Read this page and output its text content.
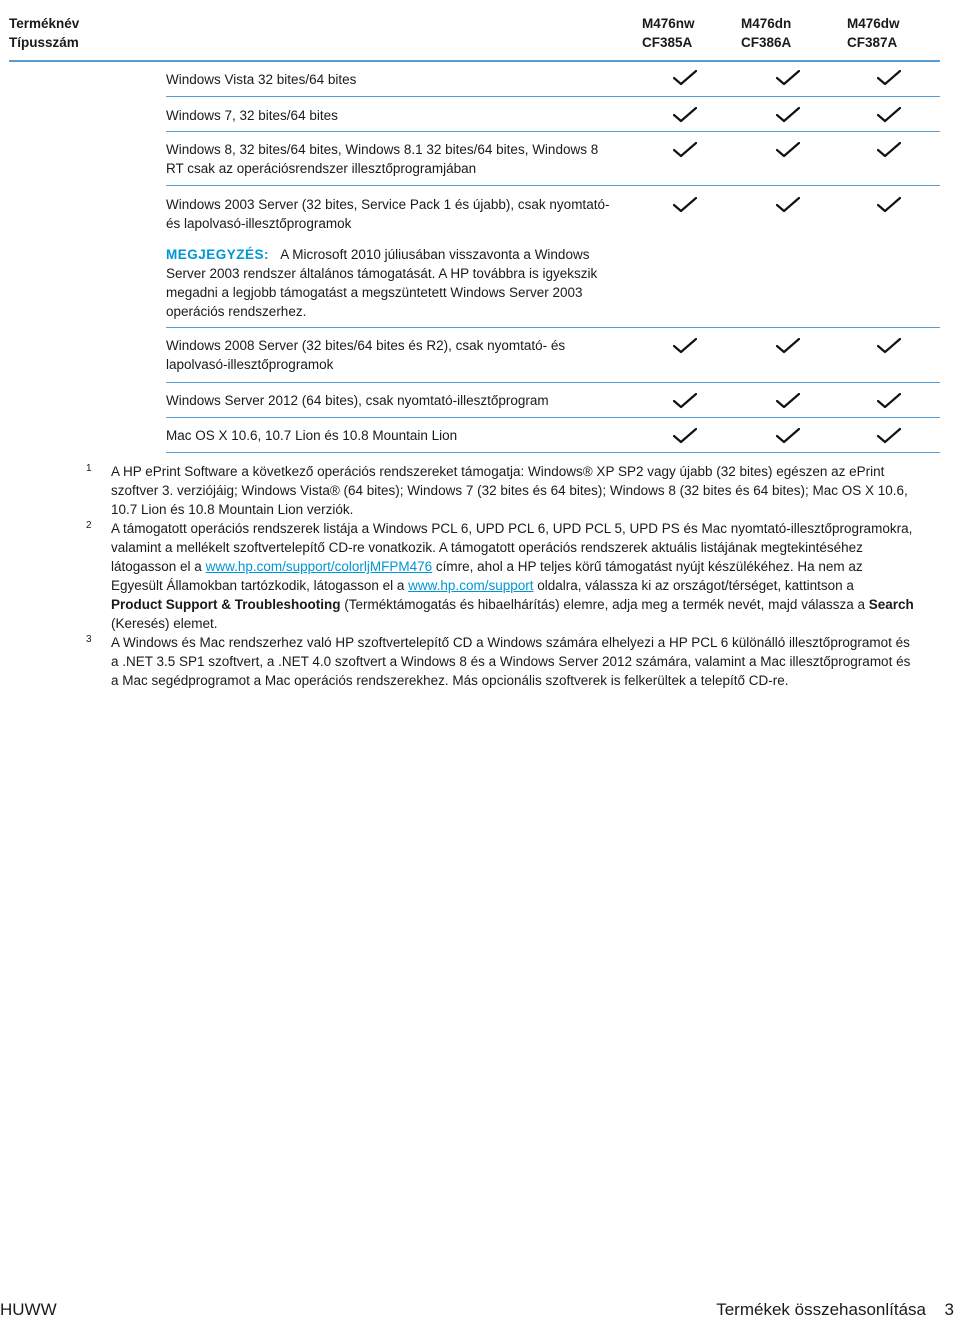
Terméknév
Típusszám
M476nw
CF385A
M476dn
CF386A
M476dw
CF387A
Windows Vista 32 bites/64 bites
Windows 7, 32 bites/64 bites
Windows 8, 32 bites/64 bites, Windows 8.1 32 bites/64 bites, Windows 8
RT csak az operációsrendszer illesztőprogramjában
Windows 2003 Server (32 bites, Service Pack 1 és újabb), csak nyomtató-
és lapolvasó-illesztőprogramok
MEGJEGYZÉS: A Microsoft 2010 júliusában visszavonta a Windows
Server 2003 rendszer általános támogatását. A HP továbbra is igyekszik
megadni a legjobb támogatást a megszüntetett Windows Server 2003
operációs rendszerhez.
Windows 2008 Server (32 bites/64 bites és R2), csak nyomtató- és
lapolvasó-illesztőprogramok
Windows Server 2012 (64 bites), csak nyomtató-illesztőprogram
Mac OS X 10.6, 10.7 Lion és 10.8 Mountain Lion
1 A HP ePrint Software a következő operációs rendszereket támogatja: Windows® XP SP2 vagy újabb (32 bites) egészen az ePrint
szoftver 3. verziójáig; Windows Vista® (64 bites); Windows 7 (32 bites és 64 bites); Windows 8 (32 bites és 64 bites); Mac OS X 10.6,
10.7 Lion és 10.8 Mountain Lion verziók.
2 A támogatott operációs rendszerek listája a Windows PCL 6, UPD PCL 6, UPD PCL 5, UPD PS és Mac nyomtató-illesztőprogramokra,
valamint a mellékelt szoftvertelepítő CD-re vonatkozik. A támogatott operációs rendszerek aktuális listájának megtekintéséhez
látogasson el a www.hp.com/support/colorljMFPM476 címre, ahol a HP teljes körű támogatást nyújt készülékéhez. Ha nem az
Egyesült Államokban tartózkodik, látogasson el a www.hp.com/support oldalra, válassza ki az országot/térséget, kattintson a
Product Support & Troubleshooting (Terméktámogatás és hibaelhárítás) elemre, adja meg a termék nevét, majd válassza a Search
(Keresés) elemet.
3 A Windows és Mac rendszerhez való HP szoftvertelepítő CD a Windows számára elhelyezi a HP PCL 6 különálló illesztőprogramot és
a .NET 3.5 SP1 szoftvert, a .NET 4.0 szoftvert a Windows 8 és a Windows Server 2012 számára, valamint a Mac illesztőprogramot és
a Mac segédprogramot a Mac operációs rendszerekhez. Más opcionális szoftverek is felkerültek a telepítő CD-re.
HUWW	Termékek összehasonlítása 3
